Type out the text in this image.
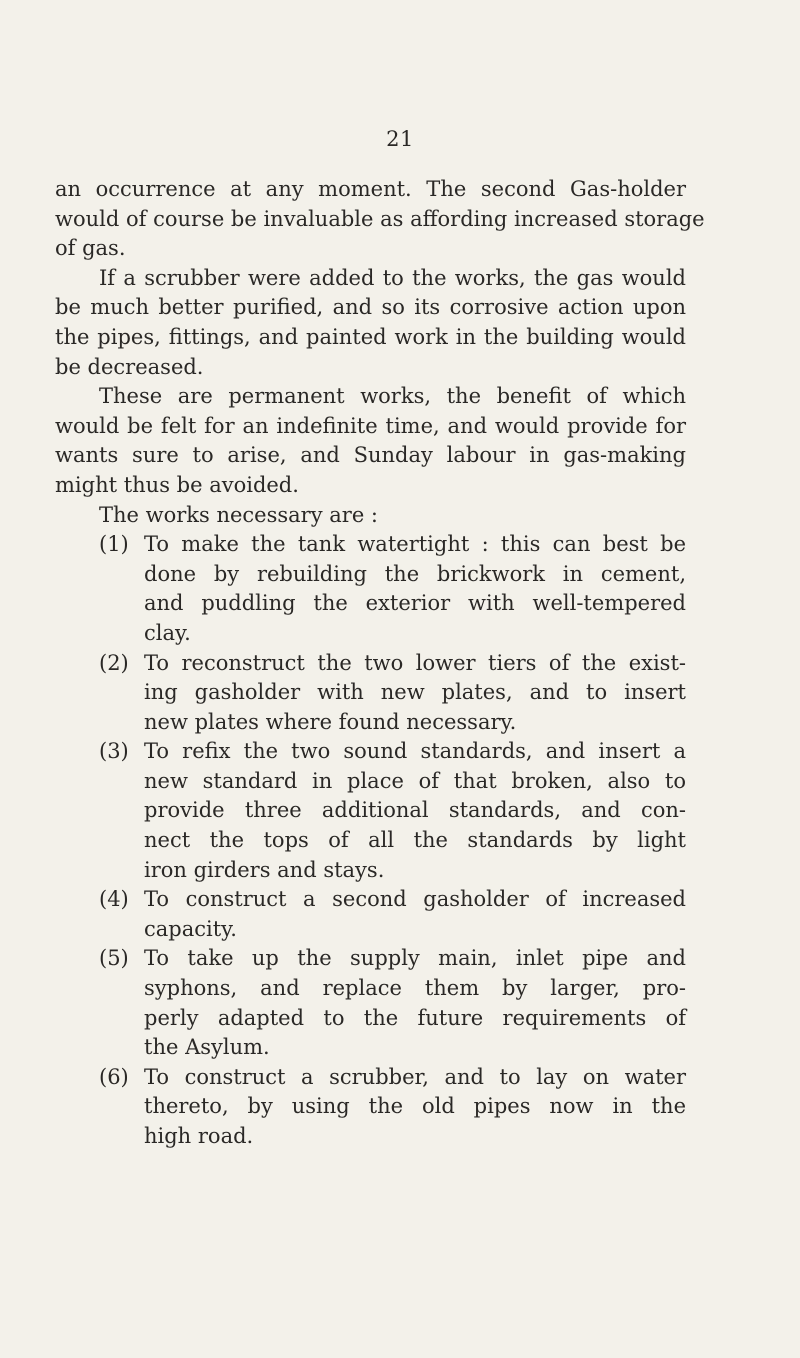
21
an occurrence at any moment. The second Gas-holder
would of course be invaluable as affording increased storage
of gas.
If a scrubber were added to the works, the gas would
be much better purified, and so its corrosive action upon
the pipes, fittings, and painted work in the building would
be decreased.
These are permanent works, the benefit of which
would be felt for an indefinite time, and would provide for
wants sure to arise, and Sunday labour in gas-making
might thus be avoided.
The works necessary are :
(1) To make the tank watertight : this can best be
done by rebuilding the brickwork in cement,
and puddling the exterior with well-tempered
clay.
(2) To reconstruct the two lower tiers of the exist-
ing gasholder with new plates, and to insert
new plates where found necessary.
(3) To refix the two sound standards, and insert a
new standard in place of that broken, also to
provide three additional standards, and con-
nect the tops of all the standards by light
iron girders and stays.
(4) To construct a second gasholder of increased
capacity.
(5) To take up the supply main, inlet pipe and
syphons, and replace them by larger, pro-
perly adapted to the future requirements of
the Asylum.
(6) To construct a scrubber, and to lay on water
thereto, by using the old pipes now in the
high road.
